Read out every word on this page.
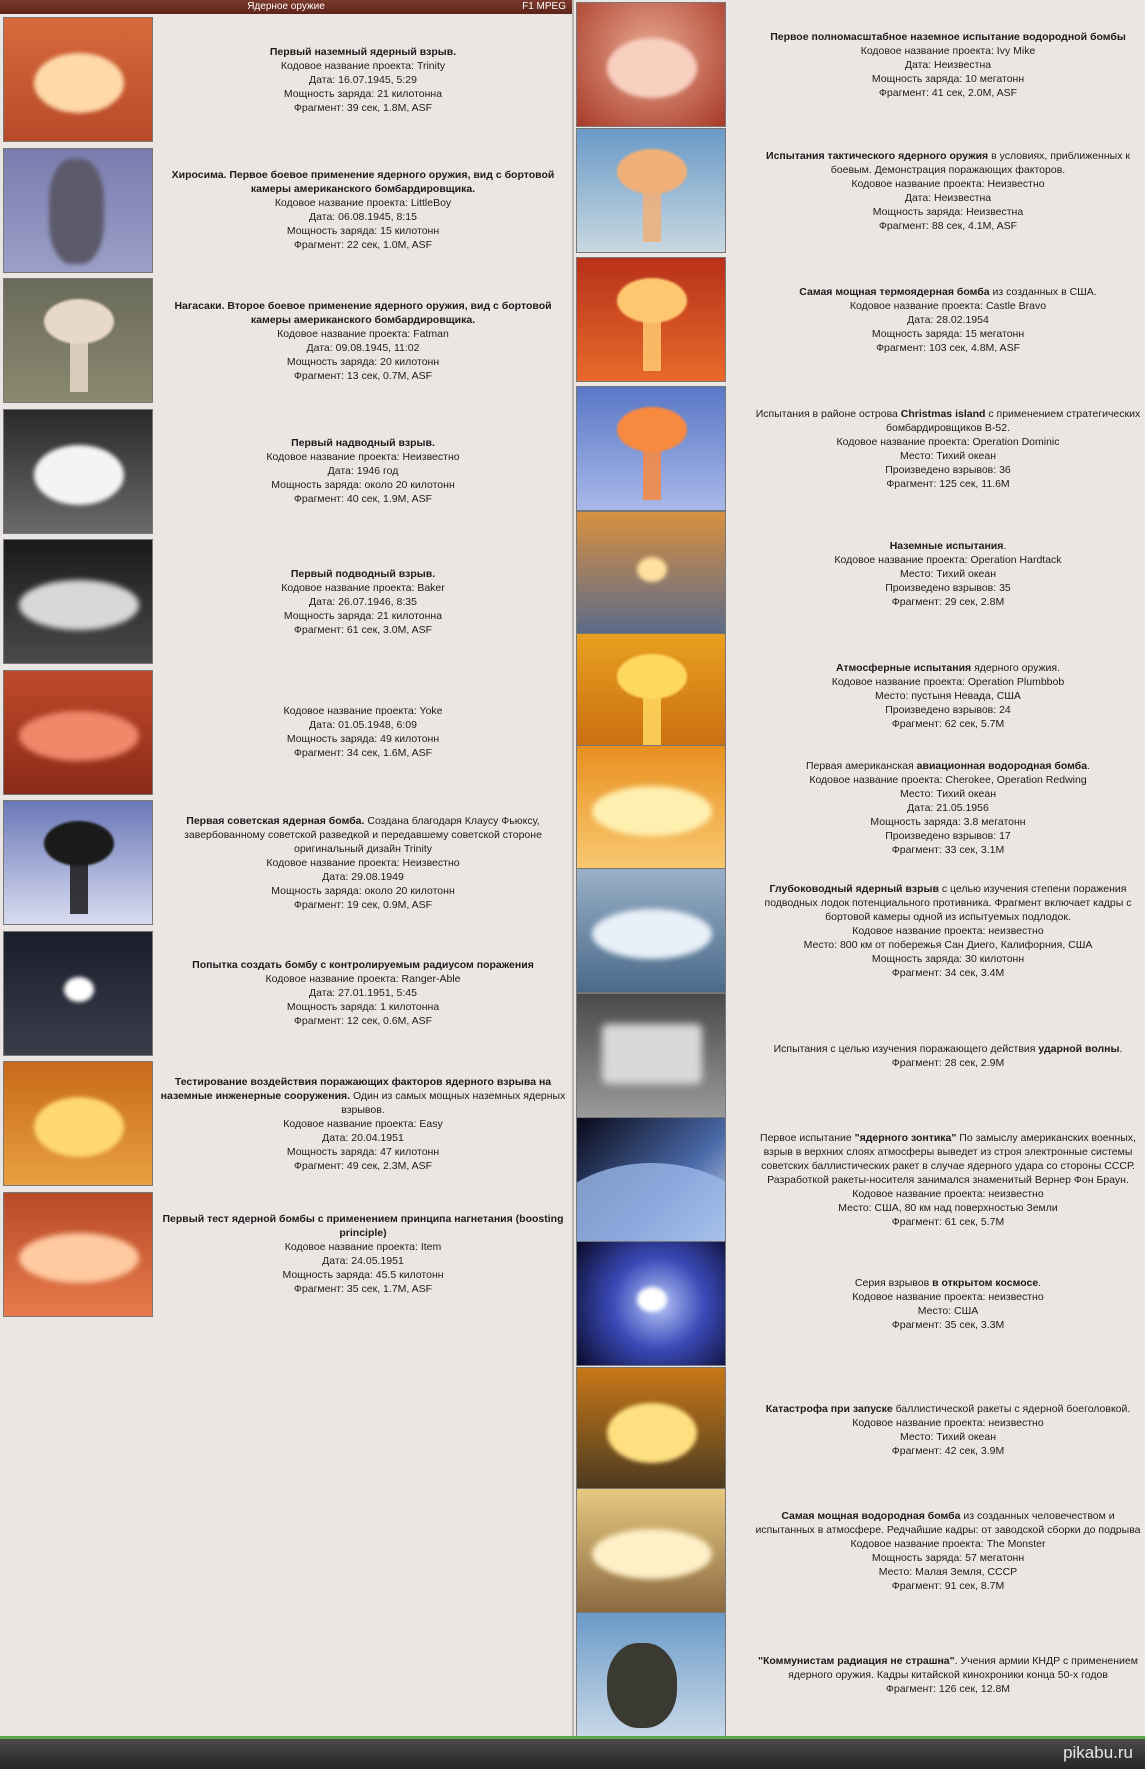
Ядерное оружие	F1 MPEG
Первый наземный ядерный взрыв.
Кодовое название проекта: Trinity
Дата: 16.07.1945, 5:29
Мощность заряда: 21 килотонна
Фрагмент: 39 сек, 1.8M, ASF
Хиросима. Первое боевое применение ядерного оружия, вид с бортовой камеры американского бомбардировщика.
Кодовое название проекта: LittleBoy
Дата: 06.08.1945, 8:15
Мощность заряда: 15 килотонн
Фрагмент: 22 сек, 1.0M, ASF
Нагасаки. Второе боевое применение ядерного оружия, вид с бортовой камеры американского бомбардировщика.
Кодовое название проекта: Fatman
Дата: 09.08.1945, 11:02
Мощность заряда: 20 килотонн
Фрагмент: 13 сек, 0.7M, ASF
Первый надводный взрыв.
Кодовое название проекта: Неизвестно
Дата: 1946 год
Мощность заряда: около 20 килотонн
Фрагмент: 40 сек, 1.9M, ASF
Первый подводный взрыв.
Кодовое название проекта: Baker
Дата: 26.07.1946, 8:35
Мощность заряда: 21 килотонна
Фрагмент: 61 сек, 3.0M, ASF
Кодовое название проекта: Yoke
Дата: 01.05.1948, 6:09
Мощность заряда: 49 килотонн
Фрагмент: 34 сек, 1.6M, ASF
Первая советская ядерная бомба. Создана благодаря Клаусу Фьюксу, завербованному советской разведкой и передавшему советской стороне оригинальный дизайн Trinity
Кодовое название проекта: Неизвестно
Дата: 29.08.1949
Мощность заряда: около 20 килотонн
Фрагмент: 19 сек, 0.9M, ASF
Попытка создать бомбу с контролируемым радиусом поражения
Кодовое название проекта: Ranger-Able
Дата: 27.01.1951, 5:45
Мощность заряда: 1 килотонна
Фрагмент: 12 сек, 0.6M, ASF
Тестирование воздействия поражающих факторов ядерного взрыва на наземные инженерные сооружения. Один из самых мощных наземных ядерных взрывов.
Кодовое название проекта: Easy
Дата: 20.04.1951
Мощность заряда: 47 килотонн
Фрагмент: 49 сек, 2.3M, ASF
Первый тест ядерной бомбы с применением принципа нагнетания (boosting principle)
Кодовое название проекта: Item
Дата: 24.05.1951
Мощность заряда: 45.5 килотонн
Фрагмент: 35 сек, 1.7M, ASF
Первое полномасштабное наземное испытание водородной бомбы
Кодовое название проекта: Ivy Mike
Дата: Неизвестна
Мощность заряда: 10 мегатонн
Фрагмент: 41 сек, 2.0M, ASF
Испытания тактического ядерного оружия в условиях, приближенных к боевым. Демонстрация поражающих факторов.
Кодовое название проекта: Неизвестно
Дата: Неизвестна
Мощность заряда: Неизвестна
Фрагмент: 88 сек, 4.1M, ASF
Самая мощная термоядерная бомба из созданных в США.
Кодовое название проекта: Castle Bravo
Дата: 28.02.1954
Мощность заряда: 15 мегатонн
Фрагмент: 103 сек, 4.8M, ASF
Испытания в районе острова Christmas island с применением стратегических бомбардировщиков B-52.
Кодовое название проекта: Operation Dominic
Место: Тихий океан
Произведено взрывов: 36
Фрагмент: 125 сек, 11.6M
Наземные испытания.
Кодовое название проекта: Operation Hardtack
Место: Тихий океан
Произведено взрывов: 35
Фрагмент: 29 сек, 2.8M
Атмосферные испытания ядерного оружия.
Кодовое название проекта: Operation Plumbbob
Место: пустыня Невада, США
Произведено взрывов: 24
Фрагмент: 62 сек, 5.7M
Первая американская авиационная водородная бомба.
Кодовое название проекта: Cherokee, Operation Redwing
Место: Тихий океан
Дата: 21.05.1956
Мощность заряда: 3.8 мегатонн
Произведено взрывов: 17
Фрагмент: 33 сек, 3.1M
Глубоководный ядерный взрыв с целью изучения степени поражения подводных лодок потенциального противника. Фрагмент включает кадры с бортовой камеры одной из испытуемых подлодок.
Кодовое название проекта: неизвестно
Место: 800 км от побережья Сан Диего, Калифорния, США
Мощность заряда: 30 килотонн
Фрагмент: 34 сек, 3.4M
Испытания с целью изучения поражающего действия ударной волны.
Фрагмент: 28 сек, 2.9M
Первое испытание "ядерного зонтика" По замыслу американских военных, взрыв в верхних слоях атмосферы выведет из строя электронные системы советских баллистических ракет в случае ядерного удара со стороны СССР. Разработкой ракеты-носителя занимался знаменитый Вернер Фон Браун.
Кодовое название проекта: неизвестно
Место: США, 80 км над поверхностью Земли
Фрагмент: 61 сек, 5.7M
Серия взрывов в открытом космосе.
Кодовое название проекта: неизвестно
Место: США
Фрагмент: 35 сек, 3.3M
Катастрофа при запуске баллистической ракеты с ядерной боеголовкой.
Кодовое название проекта: неизвестно
Место: Тихий океан
Фрагмент: 42 сек, 3.9M
Самая мощная водородная бомба из созданных человечеством и испытанных в атмосфере. Редчайшие кадры: от заводской сборки до подрыва
Кодовое название проекта: The Monster
Мощность заряда: 57 мегатонн
Место: Малая Земля, СССР
Фрагмент: 91 сек, 8.7M
"Коммунистам радиация не страшна". Учения армии КНДР с применением ядерного оружия. Кадры китайской кинохроники конца 50-х годов
Фрагмент: 126 сек, 12.8M
pikabu.ru
